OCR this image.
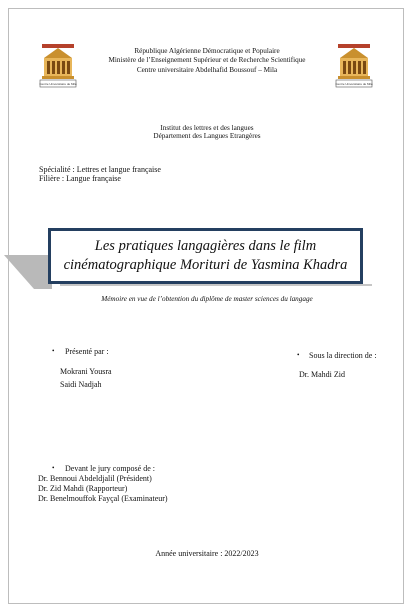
Centre Universitaire de Mila	Centre Universitaire de Mila
République Algérienne Démocratique et Populaire
Ministère de l’Enseignement Supérieur et de Recherche Scientifique
Centre universitaire Abdelhafid Boussouf – Mila
Institut des lettres et des langues
Département des Langues Etrangères
Spécialité : Lettres et langue française
Filière : Langue française
Les pratiques langagières dans le film
cinématographique Morituri de Yasmina Khadra
Mémoire en vue de l’obtention du diplôme de master sciences du langage
• Présenté par :
Mokrani Yousra
Saidi Nadjah
• Sous la direction de :
Dr. Mahdi Zid
• Devant le jury composé de :
Dr. Bennoui Abdeldjalil (Président)
Dr. Zid Mahdi (Rapporteur)
Dr. Benelmouffok Fayçal (Examinateur)
Année universitaire : 2022/2023
